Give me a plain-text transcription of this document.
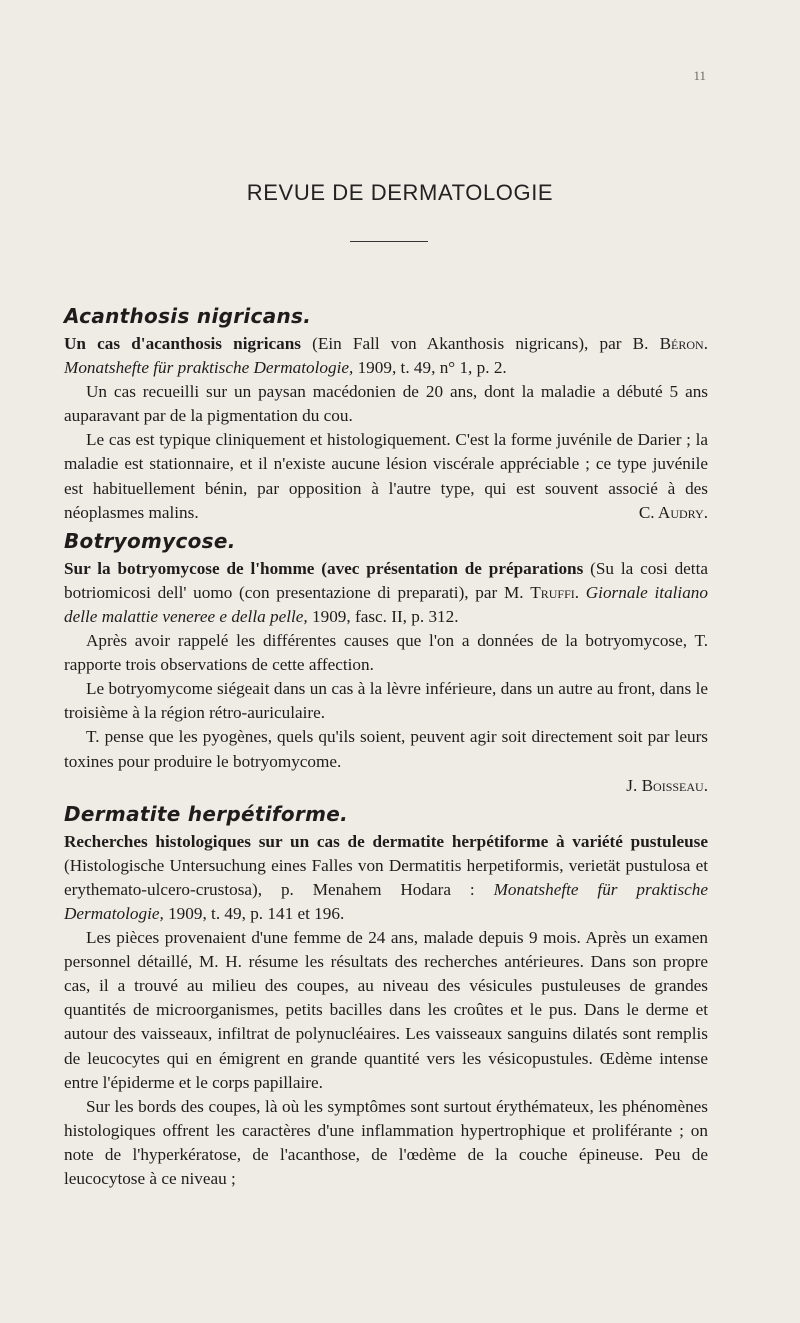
11
REVUE DE DERMATOLOGIE
Acanthosis nigricans.

Un cas d'acanthosis nigricans (Ein Fall von Akanthosis nigricans), par B. Béron. Monatshefte für praktische Dermatologie, 1909, t. 49, n° 1, p. 2.

Un cas recueilli sur un paysan macédonien de 20 ans, dont la maladie a débuté 5 ans auparavant par de la pigmentation du cou.

Le cas est typique cliniquement et histologiquement. C'est la forme juvénile de Darier ; la maladie est stationnaire, et il n'existe aucune lésion viscérale appréciable ; ce type juvénile est habituellement bénin, par opposition à l'autre type, qui est souvent associé à des néoplasmes malins.	C. Audry.

Botryomycose.

Sur la botryomycose de l'homme (avec présentation de préparations (Su la cosi detta botriomicosi dell' uomo (con presentazione di preparati), par M. Truffi. Giornale italiano delle malattie veneree e della pelle, 1909, fasc. II, p. 312.

Après avoir rappelé les différentes causes que l'on a données de la botryomycose, T. rapporte trois observations de cette affection.

Le botryomycome siégeait dans un cas à la lèvre inférieure, dans un autre au front, dans le troisième à la région rétro-auriculaire.

T. pense que les pyogènes, quels qu'ils soient, peuvent agir soit directement soit par leurs toxines pour produire le botryomycome.

J. Boisseau.
Dermatite herpétiforme.

Recherches histologiques sur un cas de dermatite herpétiforme à variété pustuleuse (Histologische Untersuchung eines Falles von Dermatitis herpetiformis, verietät pustulosa et erythemato-ulcero-crustosa), p. Menahem Hodara : Monatshefte für praktische Dermatologie, 1909, t. 49, p. 141 et 196.

Les pièces provenaient d'une femme de 24 ans, malade depuis 9 mois. Après un examen personnel détaillé, M. H. résume les résultats des recherches antérieures. Dans son propre cas, il a trouvé au milieu des coupes, au niveau des vésicules pustuleuses de grandes quantités de microorganismes, petits bacilles dans les croûtes et le pus. Dans le derme et autour des vaisseaux, infiltrat de polynucléaires. Les vaisseaux sanguins dilatés sont remplis de leucocytes qui en émigrent en grande quantité vers les vésicopustules. Œdème intense entre l'épiderme et le corps papillaire.

Sur les bords des coupes, là où les symptômes sont surtout érythémateux, les phénomènes histologiques offrent les caractères d'une inflammation hypertrophique et proliférante ; on note de l'hyperkératose, de l'acanthose, de l'œdème de la couche épineuse. Peu de leucocytose à ce niveau ;
